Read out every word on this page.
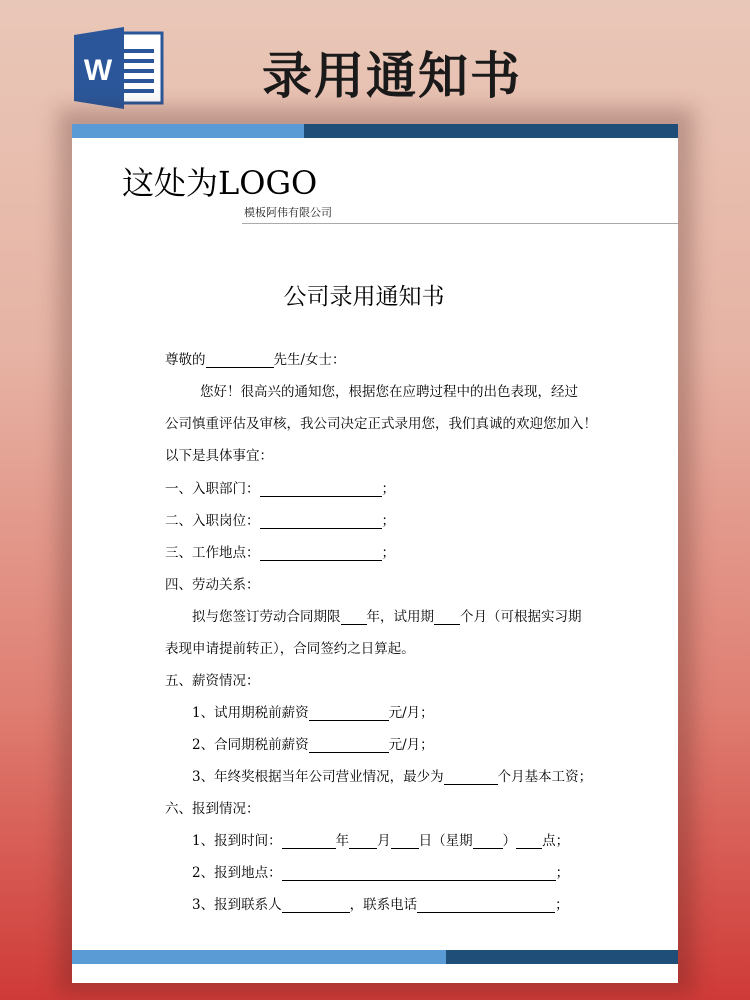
W	录用通知书
这处为LOGO
模板阿伟有限公司
公司录用通知书
尊敬的	先生/女士：
您好！很高兴的通知您，根据您在应聘过程中的出色表现，经过
公司慎重评估及审核，我公司决定正式录用您，我们真诚的欢迎您加入！
以下是具体事宜：
一、入职部门：	；
二、入职岗位：	；
三、工作地点：	；
四、劳动关系：
拟与您签订劳动合同期限 年，试用期 个月（可根据实习期
表现申请提前转正），合同签约之日算起。
五、薪资情况：
1、试用期税前薪资	元/月；
2、合同期税前薪资	元/月；
3、年终奖根据当年公司营业情况，最少为	个月基本工资；
六、报到情况：
1、报到时间：	年 月 日（星期 ） 点；
2、报到地点：	；
3、报到联系人	，联系电话	；
